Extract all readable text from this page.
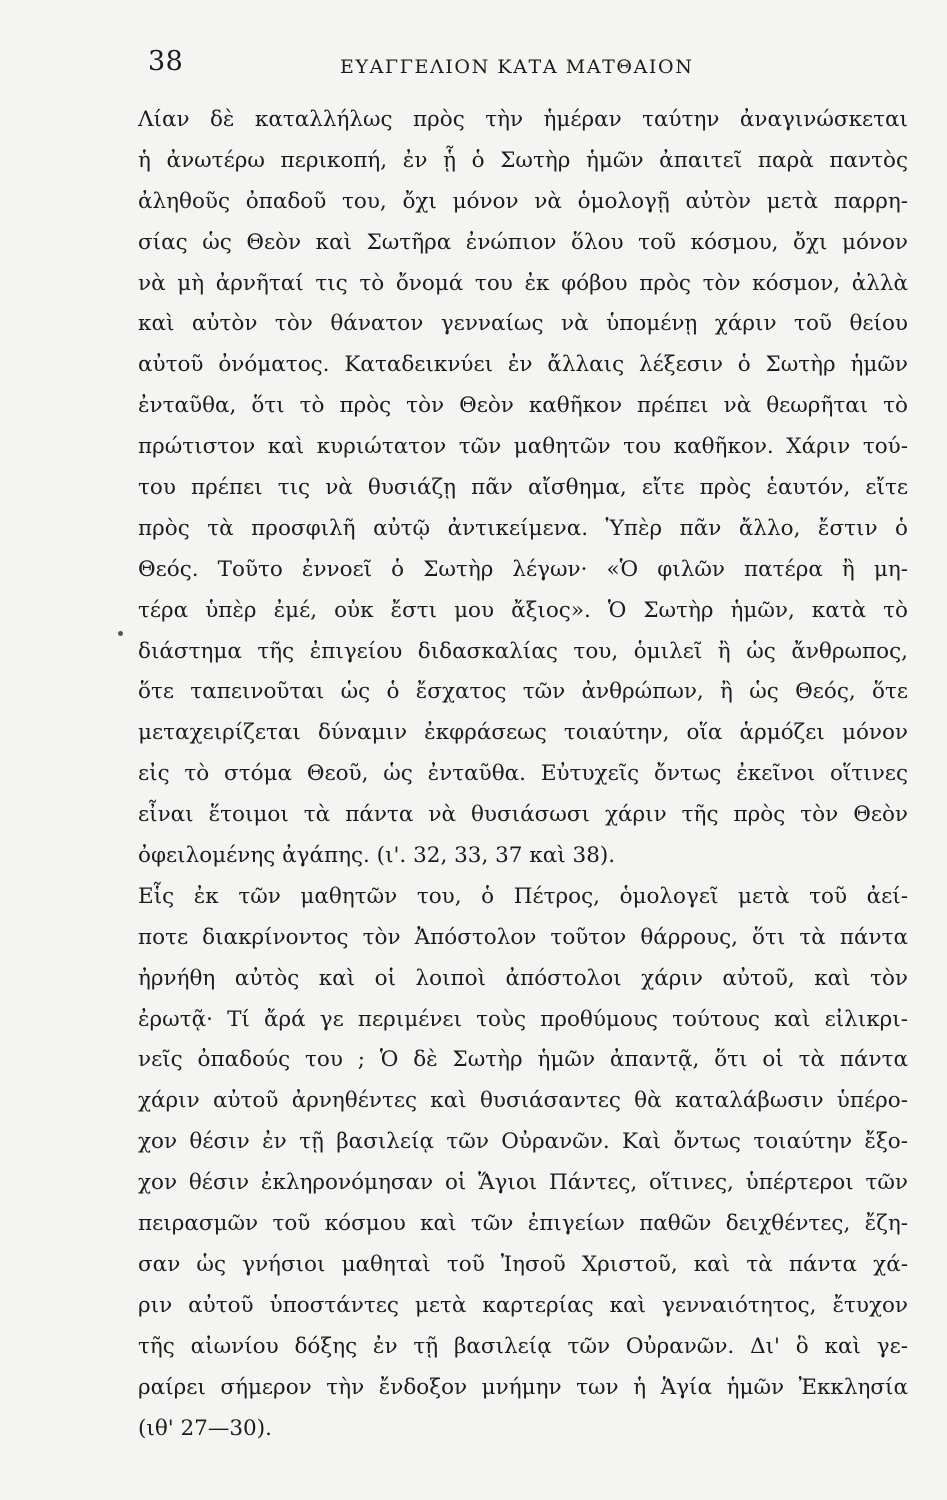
38	ΕΥΑΓΓΕΛΙΟΝ ΚΑΤΑ ΜΑΤΘΑΙΟΝ
Λίαν δὲ καταλλήλως πρὸς τὴν ἡμέραν ταύτην ἀναγινώσκεται
ἡ ἀνωτέρω περικοπή, ἐν ᾗ ὁ Σωτὴρ ἡμῶν ἀπαιτεῖ παρὰ παντὸς
ἀληθοῦς ὀπαδοῦ του, ὄχι μόνον νὰ ὁμολογῇ αὐτὸν μετὰ παρρη-
σίας ὡς Θεὸν καὶ Σωτῆρα ἐνώπιον ὅλου τοῦ κόσμου, ὄχι μόνον
νὰ μὴ ἀρνῆταί τις τὸ ὄνομά του ἐκ φόβου πρὸς τὸν κόσμον, ἀλλὰ
καὶ αὐτὸν τὸν θάνατον γενναίως νὰ ὑπομένῃ χάριν τοῦ θείου
αὐτοῦ ὀνόματος. Καταδεικνύει ἐν ἄλλαις λέξεσιν ὁ Σωτὴρ ἡμῶν
ἐνταῦθα, ὅτι τὸ πρὸς τὸν Θεὸν καθῆκον πρέπει νὰ θεωρῆται τὸ
πρώτιστον καὶ κυριώτατον τῶν μαθητῶν του καθῆκον. Χάριν τού-
του πρέπει τις νὰ θυσιάζῃ πᾶν αἴσθημα, εἴτε πρὸς ἑαυτόν, εἴτε
πρὸς τὰ προσφιλῆ αὐτῷ ἀντικείμενα. Ὑπὲρ πᾶν ἄλλο, ἔστιν ὁ
Θεός. Τοῦτο ἐννοεῖ ὁ Σωτὴρ λέγων· «Ὁ φιλῶν πατέρα ἢ μη-
τέρα ὑπὲρ ἐμέ, οὐκ ἔστι μου ἄξιος». Ὁ Σωτὴρ ἡμῶν, κατὰ τὸ
διάστημα τῆς ἐπιγείου διδασκαλίας του, ὁμιλεῖ ἢ ὡς ἄνθρωπος,
ὅτε ταπεινοῦται ὡς ὁ ἔσχατος τῶν ἀνθρώπων, ἢ ὡς Θεός, ὅτε
μεταχειρίζεται δύναμιν ἐκφράσεως τοιαύτην, οἵα ἁρμόζει μόνον
εἰς τὸ στόμα Θεοῦ, ὡς ἐνταῦθα. Εὐτυχεῖς ὄντως ἐκεῖνοι οἵτινες
εἶναι ἕτοιμοι τὰ πάντα νὰ θυσιάσωσι χάριν τῆς πρὸς τὸν Θεὸν
ὀφειλομένης ἀγάπης. (ι'. 32, 33, 37 καὶ 38).
Εἷς ἐκ τῶν μαθητῶν του, ὁ Πέτρος, ὁμολογεῖ μετὰ τοῦ ἀεί-
ποτε διακρίνοντος τὸν Ἀπόστολον τοῦτον θάρρους, ὅτι τὰ πάντα
ἠρνήθη αὐτὸς καὶ οἱ λοιποὶ ἀπόστολοι χάριν αὐτοῦ, καὶ τὸν
ἐρωτᾷ· Τί ἄρά γε περιμένει τοὺς προθύμους τούτους καὶ εἰλικρι-
νεῖς ὀπαδούς του ; Ὁ δὲ Σωτὴρ ἡμῶν ἀπαντᾷ, ὅτι οἱ τὰ πάντα
χάριν αὐτοῦ ἀρνηθέντες καὶ θυσιάσαντες θὰ καταλάβωσιν ὑπέρο-
χον θέσιν ἐν τῇ βασιλείᾳ τῶν Οὐρανῶν. Καὶ ὄντως τοιαύτην ἔξο-
χον θέσιν ἐκληρονόμησαν οἱ Ἅγιοι Πάντες, οἵτινες, ὑπέρτεροι τῶν
πειρασμῶν τοῦ κόσμου καὶ τῶν ἐπιγείων παθῶν δειχθέντες, ἔζη-
σαν ὡς γνήσιοι μαθηταὶ τοῦ Ἰησοῦ Χριστοῦ, καὶ τὰ πάντα χά-
ριν αὐτοῦ ὑποστάντες μετὰ καρτερίας καὶ γενναιότητος, ἔτυχον
τῆς αἰωνίου δόξης ἐν τῇ βασιλείᾳ τῶν Οὐρανῶν. Δι' ὃ καὶ γε-
ραίρει σήμερον τὴν ἔνδοξον μνήμην των ἡ Ἁγία ἡμῶν Ἐκκλησία
(ιθ' 27—30).
